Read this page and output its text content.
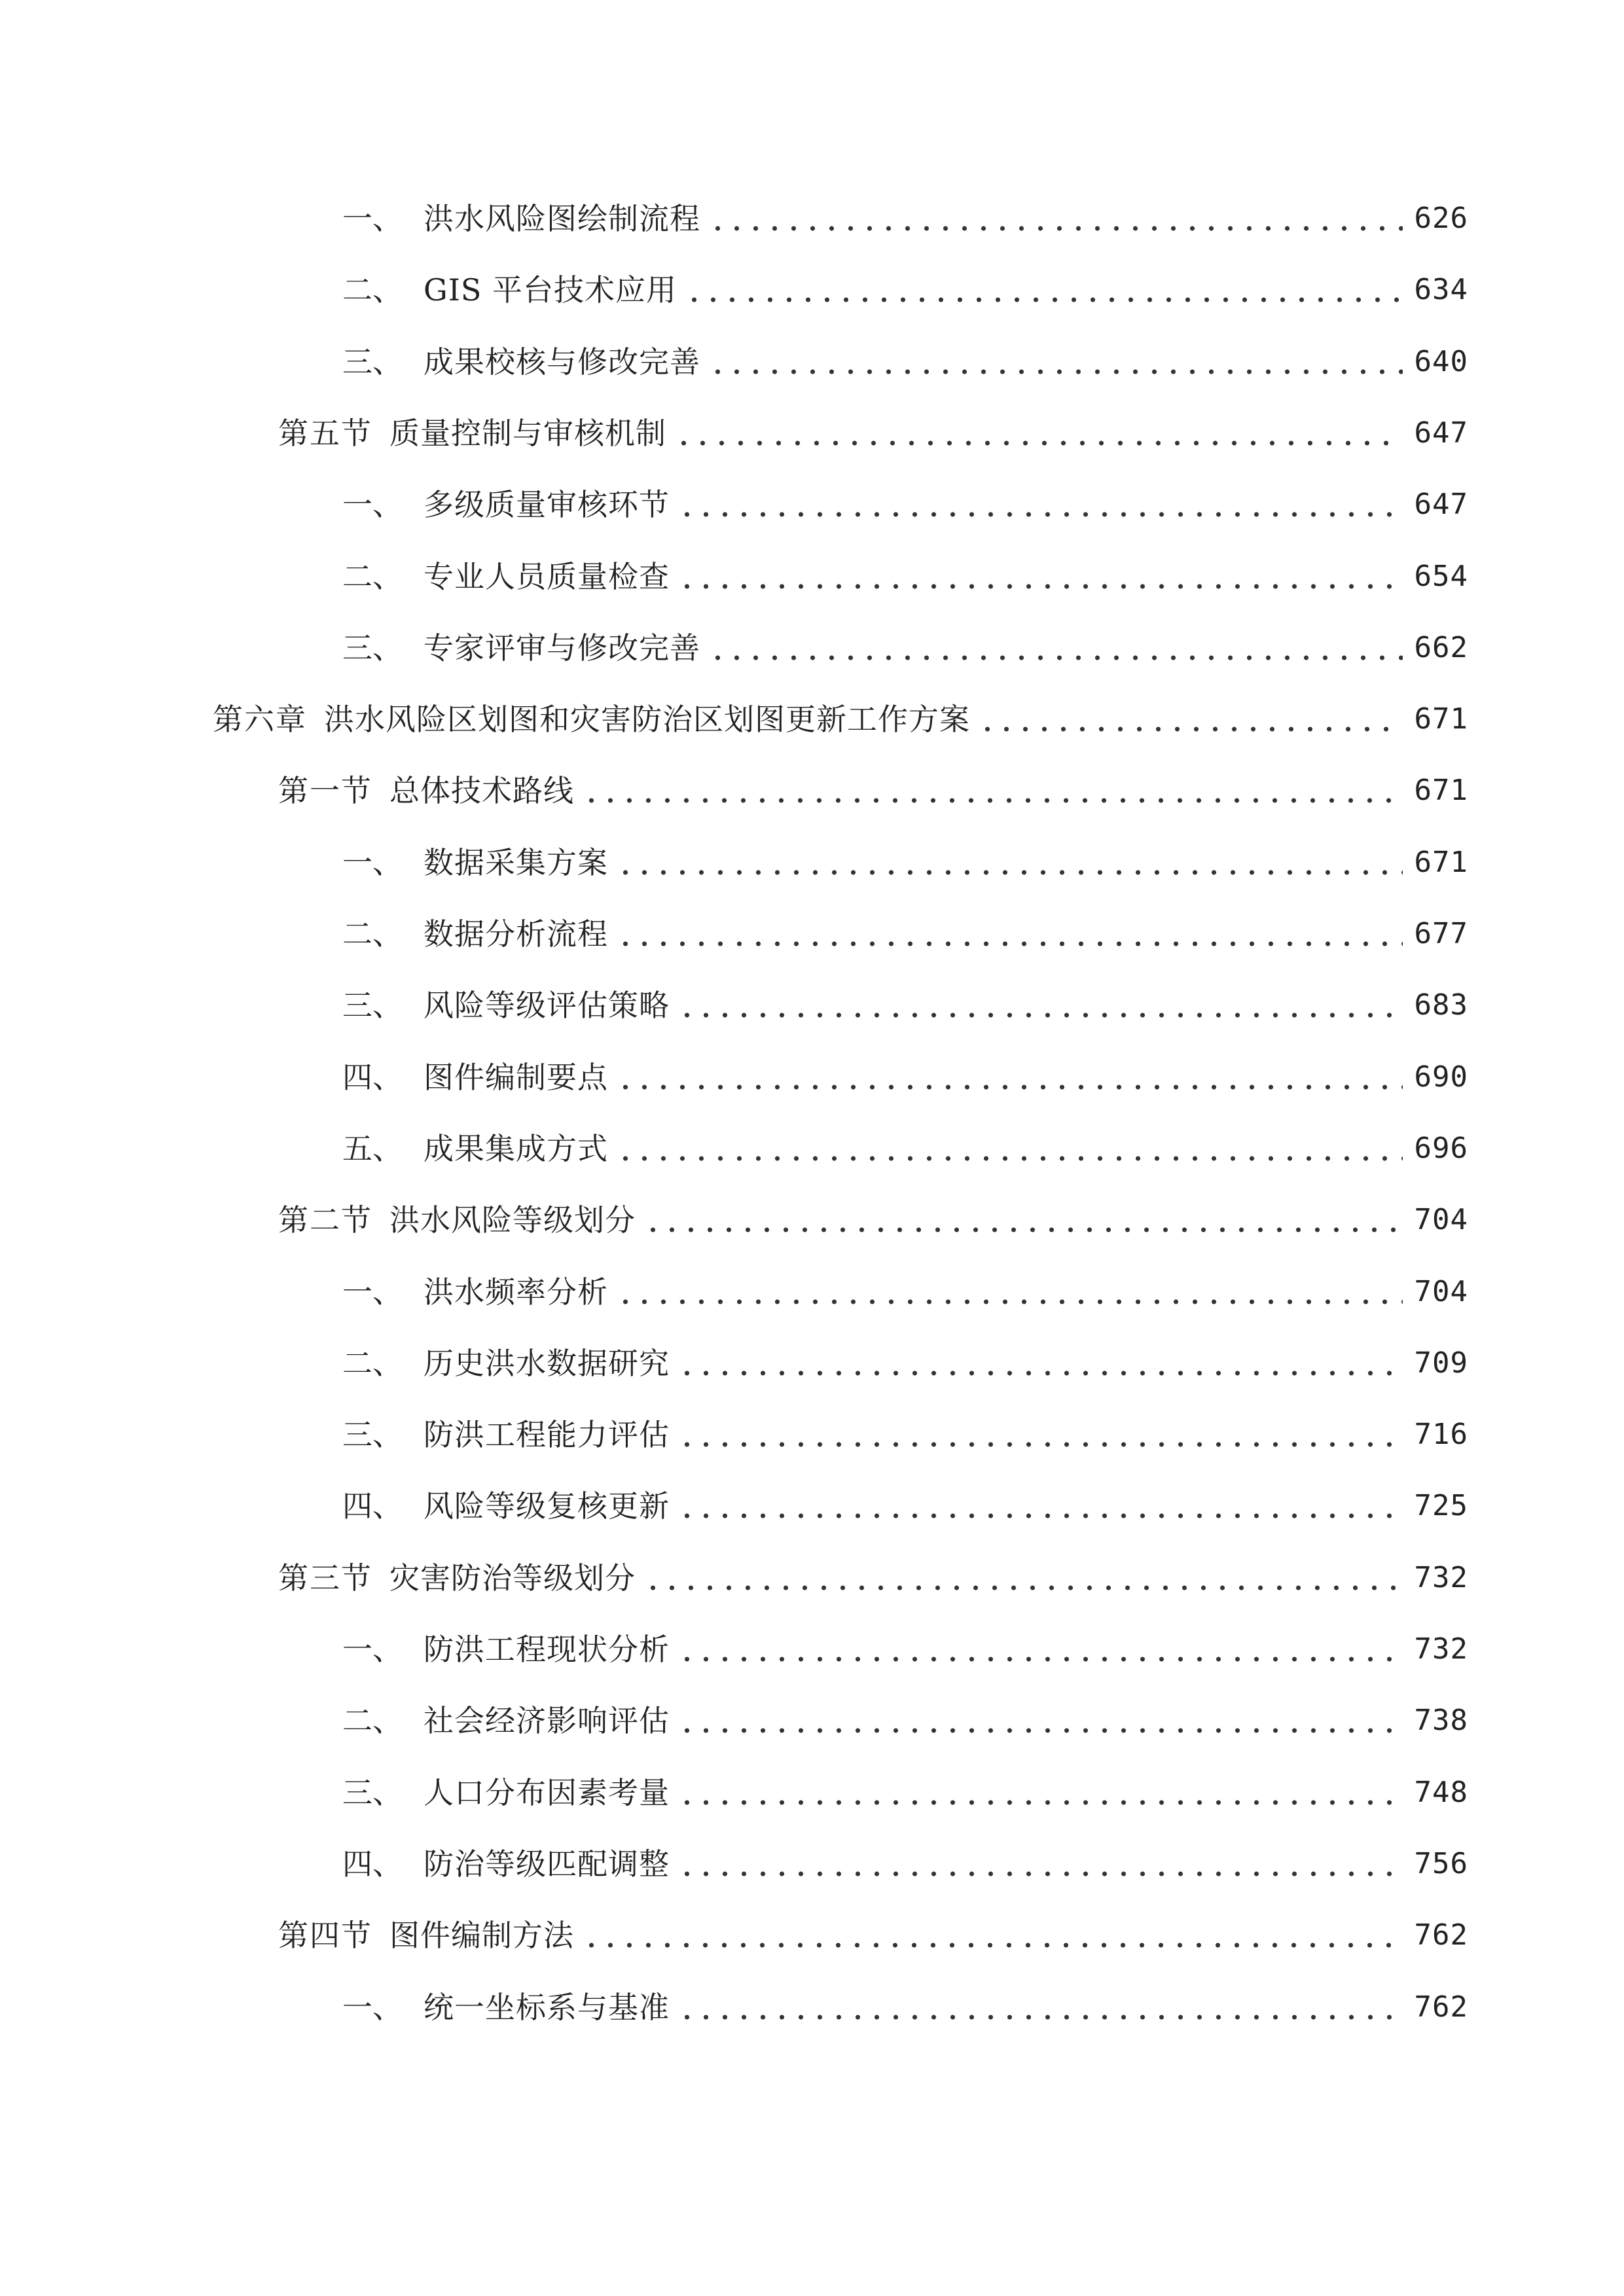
一、 洪水风险图绘制流程	626
二、 GIS 平台技术应用	634
三、 成果校核与修改完善	640
第五节 质量控制与审核机制	647
一、 多级质量审核环节	647
二、 专业人员质量检查	654
三、 专家评审与修改完善	662
第六章 洪水风险区划图和灾害防治区划图更新工作方案	671
第一节 总体技术路线	671
一、 数据采集方案	671
二、 数据分析流程	677
三、 风险等级评估策略	683
四、 图件编制要点	690
五、 成果集成方式	696
第二节 洪水风险等级划分	704
一、 洪水频率分析	704
二、 历史洪水数据研究	709
三、 防洪工程能力评估	716
四、 风险等级复核更新	725
第三节 灾害防治等级划分	732
一、 防洪工程现状分析	732
二、 社会经济影响评估	738
三、 人口分布因素考量	748
四、 防治等级匹配调整	756
第四节 图件编制方法	762
一、 统一坐标系与基准	762
